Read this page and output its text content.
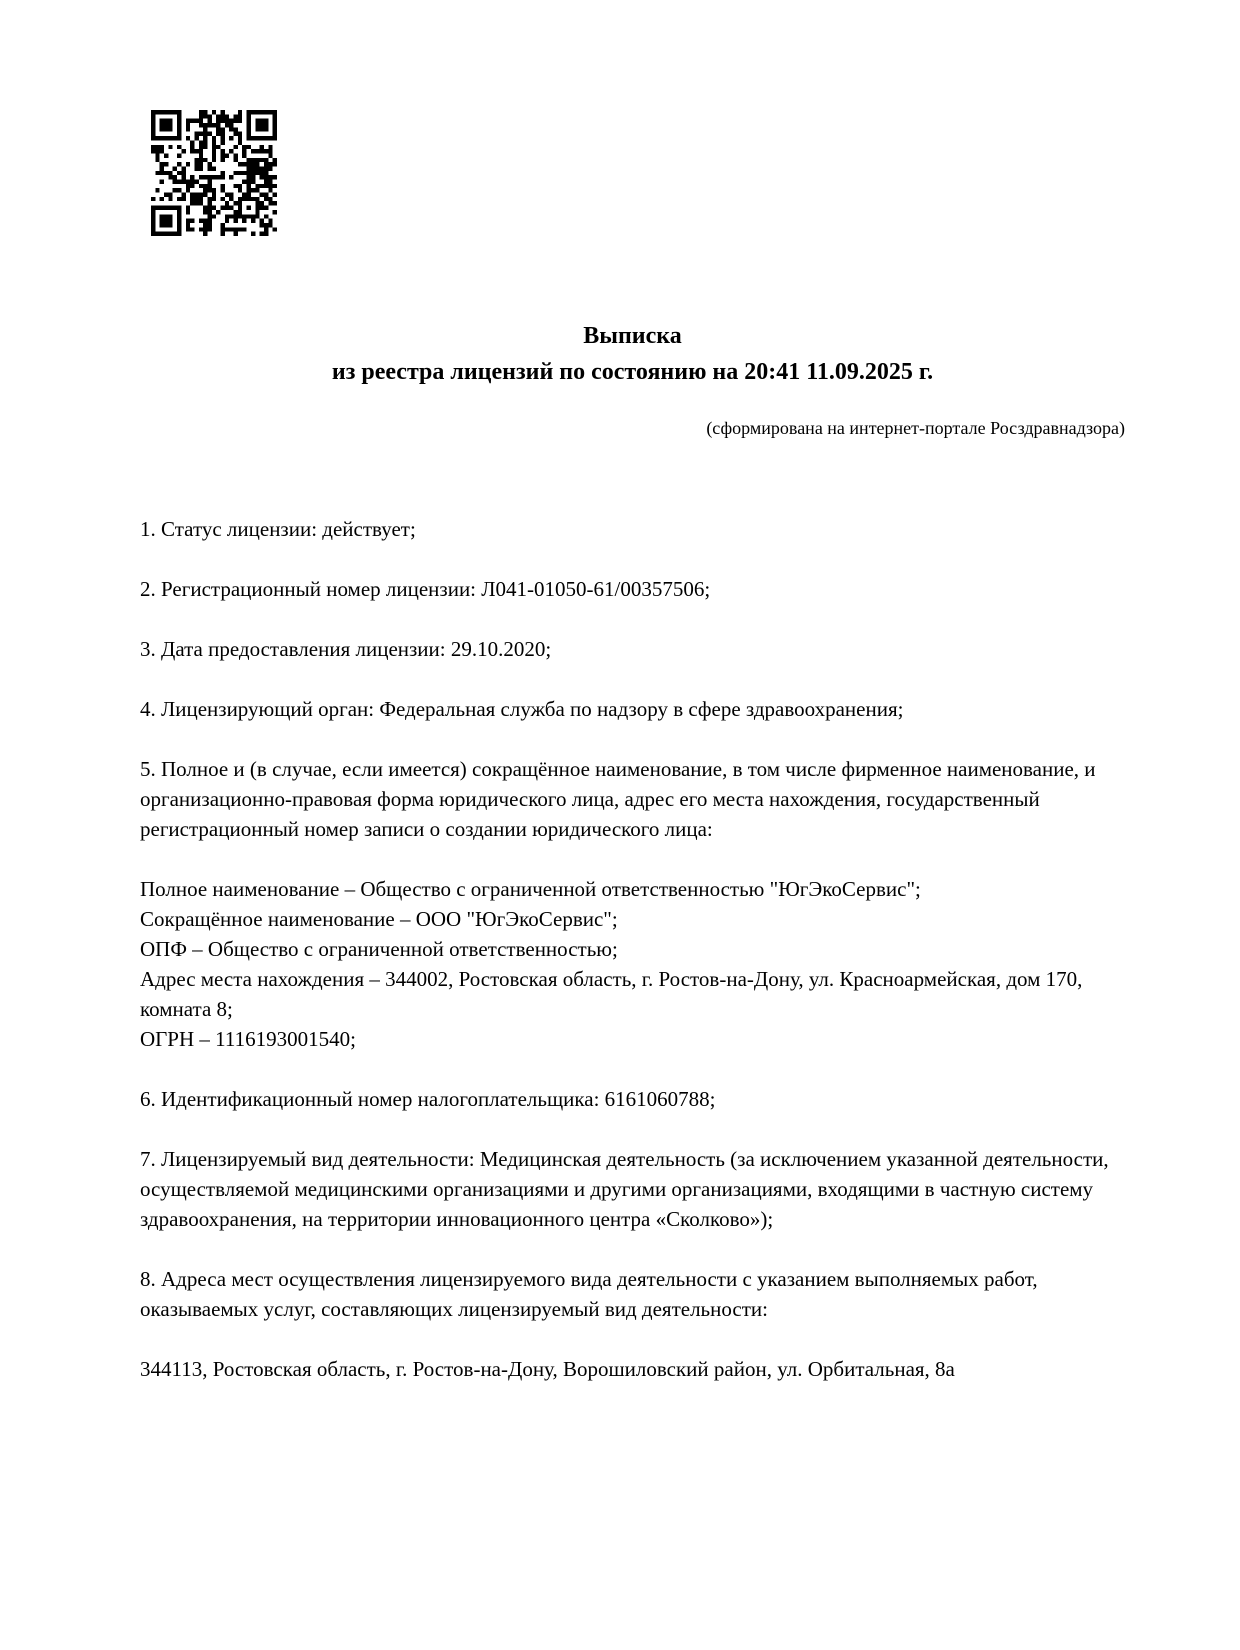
Выписка
из реестра лицензий по состоянию на 20:41 11.09.2025 г.
(сформирована на интернет-портале Росздравнадзора)

1. Статус лицензии: действует;

2. Регистрационный номер лицензии: Л041-01050-61/00357506;

3. Дата предоставления лицензии: 29.10.2020;

4. Лицензирующий орган: Федеральная служба по надзору в сфере здравоохранения;

5. Полное и (в случае, если имеется) сокращённое наименование, в том числе фирменное наименование, и организационно-правовая форма юридического лица, адрес его места нахождения, государственный регистрационный номер записи о создании юридического лица:

Полное наименование – Общество с ограниченной ответственностью "ЮгЭкоСервис";
Сокращённое наименование – ООО "ЮгЭкоСервис";
ОПФ – Общество с ограниченной ответственностью;
Адрес места нахождения – 344002, Ростовская область, г. Ростов-на-Дону, ул. Красноармейская, дом 170, комната 8;
ОГРН – 1116193001540;

6. Идентификационный номер налогоплательщика: 6161060788;

7. Лицензируемый вид деятельности: Медицинская деятельность (за исключением указанной деятельности, осуществляемой медицинскими организациями и другими организациями, входящими в частную систему здравоохранения, на территории инновационного центра «Сколково»);

8. Адреса мест осуществления лицензируемого вида деятельности с указанием выполняемых работ, оказываемых услуг, составляющих лицензируемый вид деятельности:

344113, Ростовская область, г. Ростов-на-Дону, Ворошиловский район, ул. Орбитальная, 8а
